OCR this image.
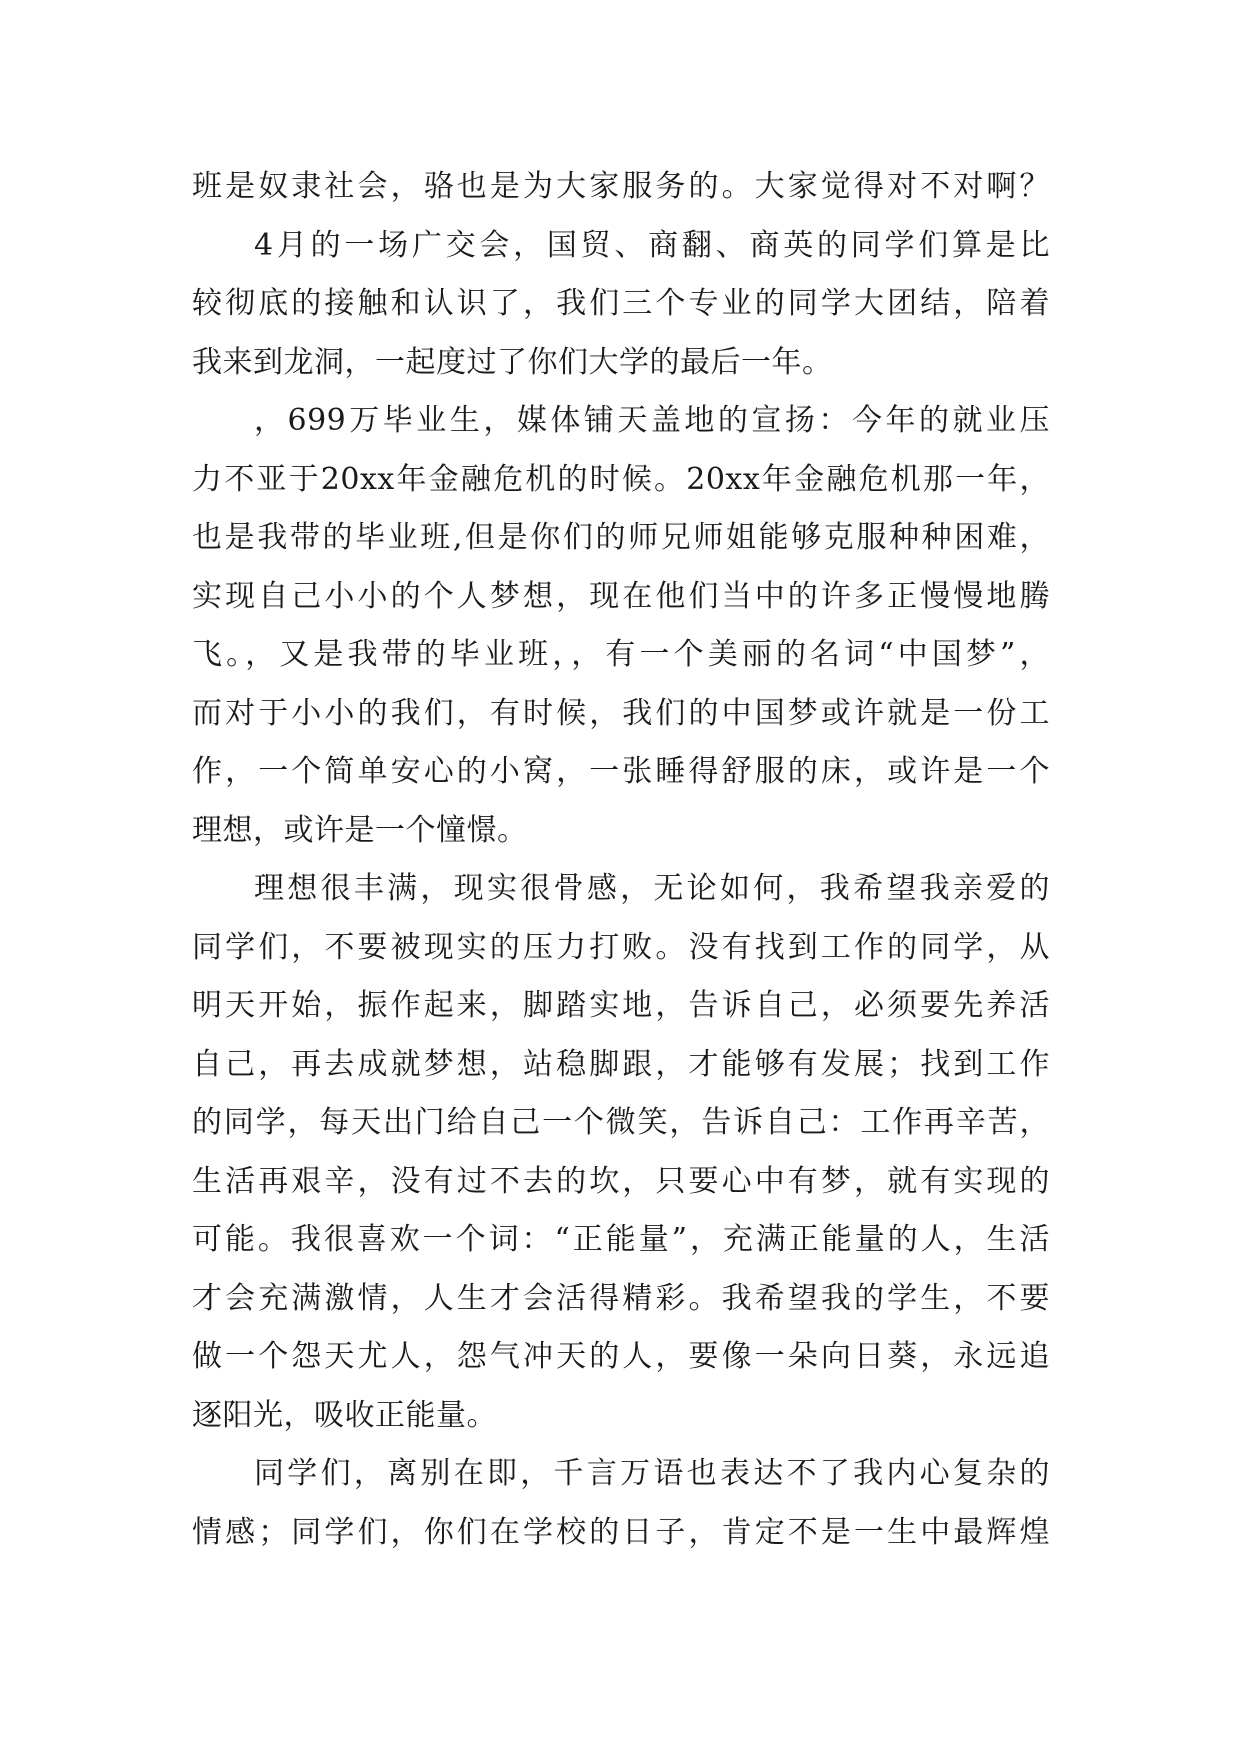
班是奴隶社会，骆也是为大家服务的。大家觉得对不对啊？
4月的一场广交会，国贸、商翻、商英的同学们算是比
较彻底的接触和认识了，我们三个专业的同学大团结，陪着
我来到龙洞，一起度过了你们大学的最后一年。
，699万毕业生，媒体铺天盖地的宣扬：今年的就业压
力不亚于20xx年金融危机的时候。20xx年金融危机那一年，
也是我带的毕业班,但是你们的师兄师姐能够克服种种困难，
实现自己小小的个人梦想，现在他们当中的许多正慢慢地腾
飞。，又是我带的毕业班，，有一个美丽的名词“中国梦”，
而对于小小的我们，有时候，我们的中国梦或许就是一份工
作，一个简单安心的小窝，一张睡得舒服的床，或许是一个
理想，或许是一个憧憬。
理想很丰满，现实很骨感，无论如何，我希望我亲爱的
同学们，不要被现实的压力打败。没有找到工作的同学，从
明天开始，振作起来，脚踏实地，告诉自己，必须要先养活
自己，再去成就梦想，站稳脚跟，才能够有发展；找到工作
的同学，每天出门给自己一个微笑，告诉自己：工作再辛苦，
生活再艰辛，没有过不去的坎，只要心中有梦，就有实现的
可能。我很喜欢一个词：“正能量”，充满正能量的人，生活
才会充满激情，人生才会活得精彩。我希望我的学生，不要
做一个怨天尤人，怨气冲天的人，要像一朵向日葵，永远追
逐阳光，吸收正能量。
同学们，离别在即，千言万语也表达不了我内心复杂的
情感；同学们，你们在学校的日子，肯定不是一生中最辉煌
